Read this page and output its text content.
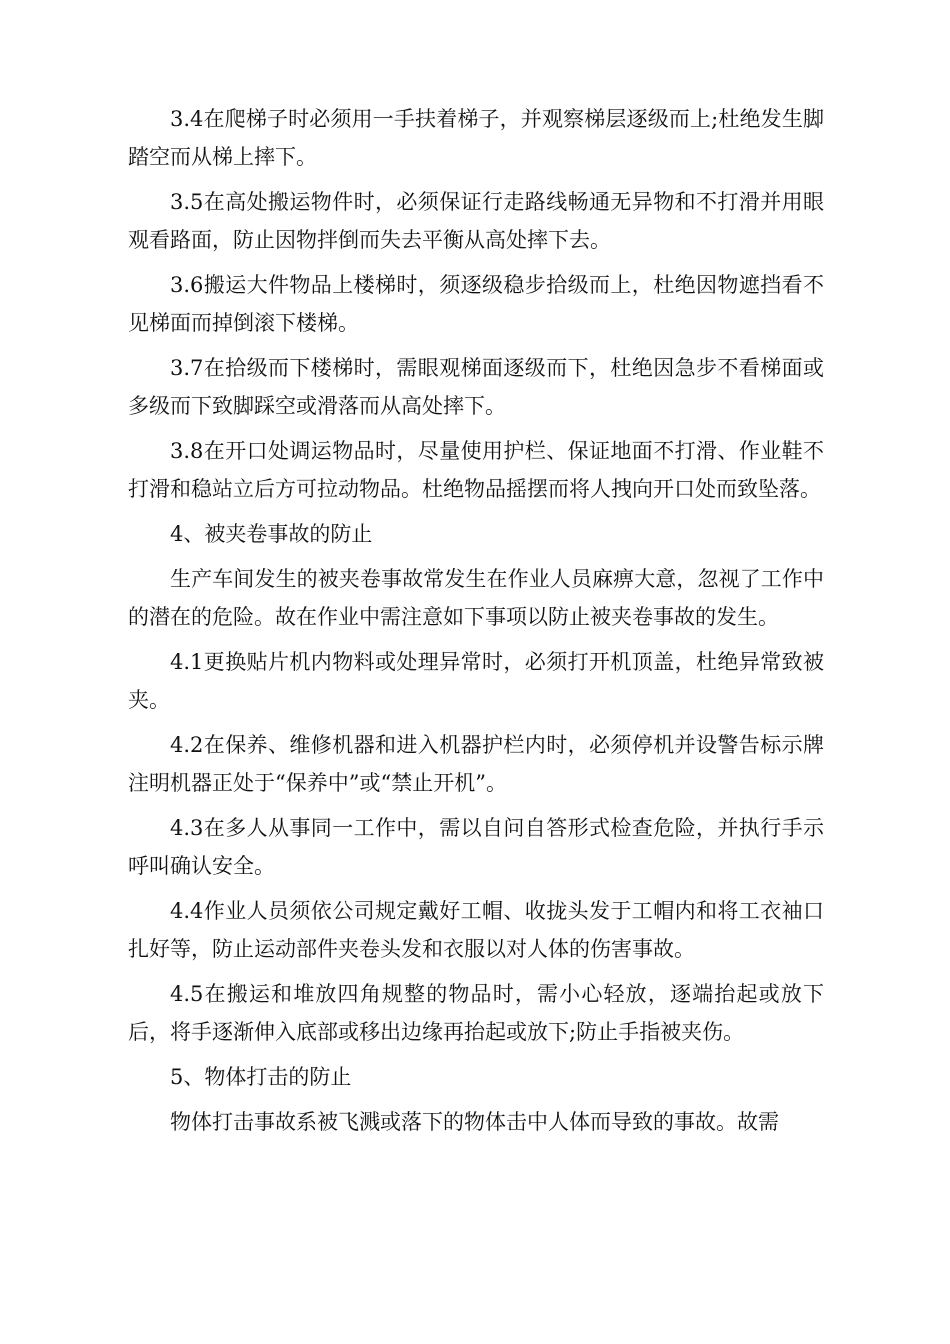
3.4在爬梯子时必须用一手扶着梯子，并观察梯层逐级而上;杜绝发生脚踏空而从梯上摔下。

3.5在高处搬运物件时，必须保证行走路线畅通无异物和不打滑并用眼观看路面，防止因物拌倒而失去平衡从高处摔下去。

3.6搬运大件物品上楼梯时，须逐级稳步拾级而上，杜绝因物遮挡看不见梯面而掉倒滚下楼梯。

3.7在拾级而下楼梯时，需眼观梯面逐级而下，杜绝因急步不看梯面或多级而下致脚踩空或滑落而从高处摔下。

3.8在开口处调运物品时，尽量使用护栏、保证地面不打滑、作业鞋不打滑和稳站立后方可拉动物品。杜绝物品摇摆而将人拽向开口处而致坠落。

4、被夹卷事故的防止

生产车间发生的被夹卷事故常发生在作业人员麻痹大意，忽视了工作中的潜在的危险。故在作业中需注意如下事项以防止被夹卷事故的发生。

4.1更换贴片机内物料或处理异常时，必须打开机顶盖，杜绝异常致被夹。

4.2在保养、维修机器和进入机器护栏内时，必须停机并设警告标示牌注明机器正处于“保养中”或“禁止开机”。

4.3在多人从事同一工作中，需以自问自答形式检查危险，并执行手示呼叫确认安全。

4.4作业人员须依公司规定戴好工帽、收拢头发于工帽内和将工衣袖口扎好等，防止运动部件夹卷头发和衣服以对人体的伤害事故。

4.5在搬运和堆放四角规整的物品时，需小心轻放，逐端抬起或放下后，将手逐渐伸入底部或移出边缘再抬起或放下;防止手指被夹伤。

5、物体打击的防止

物体打击事故系被飞溅或落下的物体击中人体而导致的事故。故需
